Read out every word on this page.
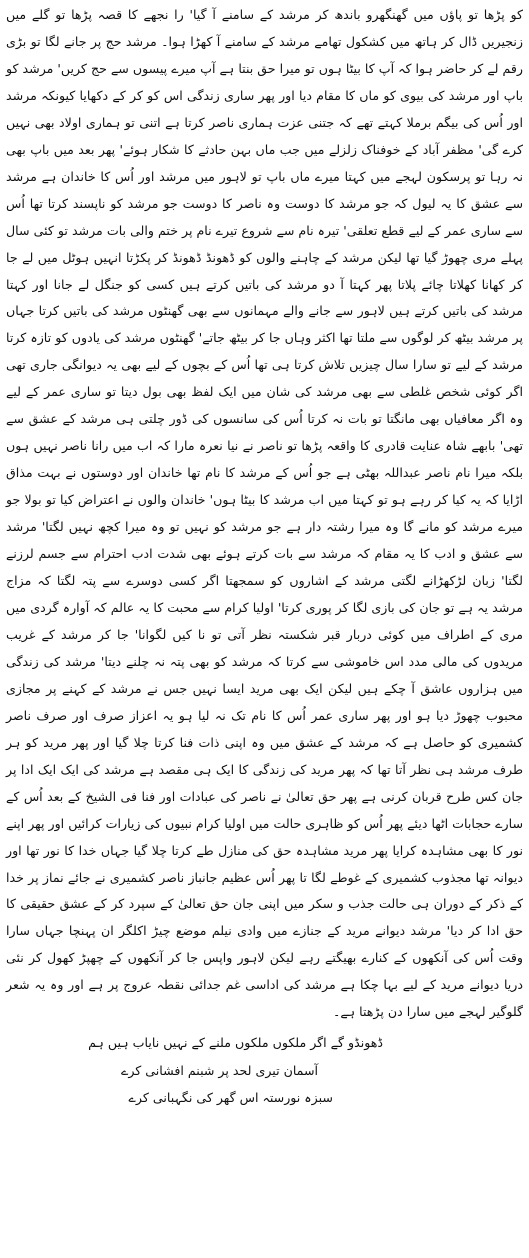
کو پڑھا تو پاؤں میں گھنگھرو باندھ کر مرشد کے سامنے آ گیا' را نجھے کا قصہ پڑھا تو گلے میں زنجیریں ڈال کر ہاتھ میں کشکول تھامے مرشد کے سامنے آ کھڑا ہوا۔ مرشد حج پر جانے لگا تو بڑی رقم لے کر حاضر ہوا کہ آپ کا بیٹا ہوں تو میرا حق بنتا ہے آپ میرے پیسوں سے حج کریں' مرشد کو باپ اور مرشد کی بیوی کو ماں کا مقام دیا اور پھر ساری زندگی اس کو کر کے دکھایا کیونکہ مرشد اور اُس کی بیگم برملا کہتے تھے کہ جتنی عزت ہماری ناصر کرتا ہے اتنی تو ہماری اولاد بھی نہیں کرے گی' مظفر آباد کے خوفناک زلزلے میں جب ماں بہن حادثے کا شکار ہوئے' پھر بعد میں باپ بھی نہ رہا تو پرسکون لہجے میں کہتا میرے ماں باپ تو لاہور میں مرشد اور اُس کا خاندان ہے مرشد سے عشق کا یہ لیول کہ جو مرشد کا دوست وہ ناصر کا دوست جو مرشد کو ناپسند کرتا تھا اُس سے ساری عمر کے لیے قطع تعلقی' تیرہ نام سے شروع تیرے نام پر ختم والی بات مرشد تو کئی سال پہلے مری چھوڑ گیا تھا لیکن مرشد کے چاہنے والوں کو ڈھونڈ ڈھونڈ کر پکڑتا انہیں ہوٹل میں لے جا کر کھانا کھلاتا چائے پلاتا پھر کہتا آ دو مرشد کی باتیں کرتے ہیں کسی کو جنگل لے جانا اور کہتا مرشد کی باتیں کرتے ہیں لاہور سے جانے والے مہمانوں سے بھی گھنٹوں مرشد کی باتیں کرتا جہاں پر مرشد بیٹھ کر لوگوں سے ملتا تھا اکثر وہاں جا کر بیٹھ جاتے' گھنٹوں مرشد کی یادوں کو تازہ کرتا مرشد کے لیے تو سارا سال چیزیں تلاش کرتا ہی تھا اُس کے بچوں کے لیے بھی یہ دیوانگی جاری تھی اگر کوئی شخص غلطی سے بھی مرشد کی شان میں ایک لفظ بھی بول دیتا تو ساری عمر کے لیے وہ اگر معافیاں بھی مانگتا تو بات نہ کرتا اُس کی سانسوں کی ڈور چلتی ہی مرشد کے عشق سے تھی' بابھے شاہ عنایت قادری کا واقعہ پڑھا تو ناصر نے نیا نعرہ مارا کہ اب میں رانا ناصر نہیں ہوں بلکہ میرا نام ناصر عبداللہ بھٹی ہے جو اُس کے مرشد کا نام تھا خاندان اور دوستوں نے بہت مذاق اڑایا کہ یہ کیا کر رہے ہو تو کہتا میں اب مرشد کا بیٹا ہوں' خاندان والوں نے اعتراض کیا تو بولا جو میرے مرشد کو مانے گا وہ میرا رشتہ دار ہے جو مرشد کو نہیں تو وہ میرا کچھ نہیں لگتا' مرشد سے عشق و ادب کا یہ مقام کہ مرشد سے بات کرتے ہوئے بھی شدت ادب احترام سے جسم لرزنے لگتا' زبان لڑکھڑانے لگتی مرشد کے اشاروں کو سمجھتا اگر کسی دوسرے سے پتہ لگتا کہ مزاج مرشد یہ ہے تو جان کی بازی لگا کر پوری کرتا' اولیا کرام سے محبت کا یہ عالم کہ آوارہ گردی میں مری کے اطراف میں کوئی دربار قبر شکستہ نظر آتی تو نا کیں لگوانا' جا کر مرشد کے غریب مریدوں کی مالی مدد اس خاموشی سے کرتا کہ مرشد کو بھی پتہ نہ چلنے دیتا' مرشد کی زندگی میں ہزاروں عاشق آ چکے ہیں لیکن ایک بھی مرید ایسا نہیں جس نے مرشد کے کہنے پر مجازی محبوب چھوڑ دیا ہو اور پھر ساری عمر اُس کا نام تک نہ لیا ہو یہ اعزاز صرف اور صرف ناصر کشمیری کو حاصل ہے کہ مرشد کے عشق میں وہ اپنی ذات فنا کرتا چلا گیا اور پھر مرید کو ہر طرف مرشد ہی نظر آتا تھا کہ پھر مرید کی زندگی کا ایک ہی مقصد ہے مرشد کی ایک ایک ادا پر جان کس طرح قربان کرنی ہے پھر حق تعالیٰ نے ناصر کی عبادات اور فنا فی الشیخ کے بعد اُس کے سارے حجابات اٹھا دیئے پھر اُس کو ظاہری حالت میں اولیا کرام نبیوں کی زیارات کرائیں اور پھر اپنے نور کا بھی مشاہدہ کرایا پھر مرید مشاہدہ حق کی منازل طے کرتا چلا گیا جہاں خدا کا نور تھا اور دیوانہ تھا مجذوب کشمیری کے غوطے لگا تا پھر اُس عظیم جانباز ناصر کشمیری نے جائے نماز پر خدا کے ذکر کے دوران ہی حالت جذب و سکر میں اپنی جان حق تعالیٰ کے سپرد کر کے عشق حقیقی کا حق ادا کر دیا' مرشد دیوانے مرید کے جنازے میں وادی نیلم موضع چیڑ اکلگر ان پہنچا جہاں سارا وقت اُس کی آنکھوں کے کنارے بھیگتے رہے لیکن لاہور واپس جا کر آنکھوں کے چھپڑ کھول کر نئی دریا دیوانے مرید کے لیے بہا چکا ہے مرشد کی اداسی غم جدائی نقطہ عروج پر ہے اور وہ یہ شعر گلوگیر لہجے میں سارا دن پڑھتا ہے۔

ڈھونڈو گے اگر ملکوں ملکوں ملنے کے نہیں نایاب ہیں ہم
آسمان تیری لحد پر شبنم افشانی کرے
سبزہ نورستہ اس گھر کی نگہبانی کرے
